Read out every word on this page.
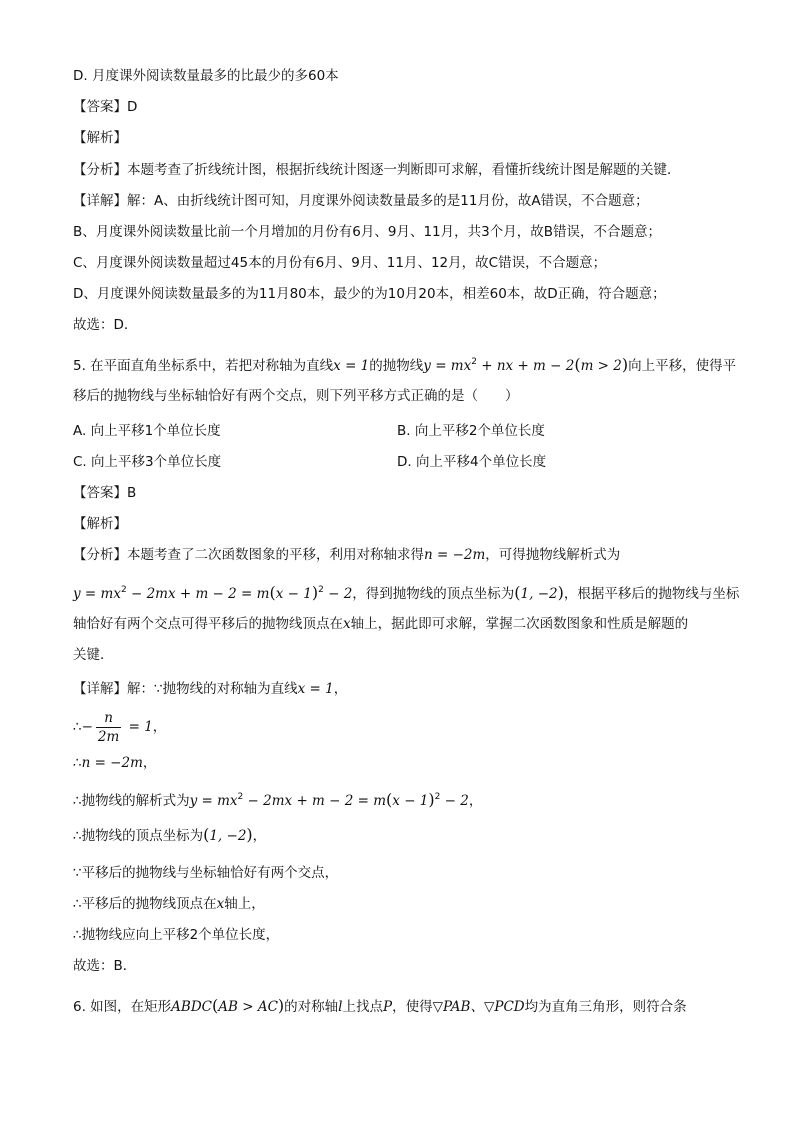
D. 月度课外阅读数量最多的比最少的多60本
【答案】D
【解析】
【分析】本题考查了折线统计图，根据折线统计图逐一判断即可求解，看懂折线统计图是解题的关键．
【详解】解：A、由折线统计图可知，月度课外阅读数量最多的是11月份，故A错误，不合题意；
B、月度课外阅读数量比前一个月增加的月份有6月、9月、11月，共3个月，故B错误，不合题意；
C、月度课外阅读数量超过45本的月份有6月、9月、11月、12月，故C错误，不合题意；
D、月度课外阅读数量最多的为11月80本，最少的为10月20本，相差60本，故D正确，符合题意；
故选：D．
5. 在平面直角坐标系中，若把对称轴为直线x = 1的抛物线$y = mx^2$ + nx + m − 2(m > 2)向上平移，使得平
移后的抛物线与坐标轴恰好有两个交点，则下列平移方式正确的是（　　）
A. 向上平移1个单位长度	B. 向上平移2个单位长度
C. 向上平移3个单位长度	D. 向上平移4个单位长度
【答案】B
【解析】
【分析】本题考查了二次函数图象的平移，利用对称轴求得n = −2m，可得抛物线解析式为
$y = mx^2 - 2mx + m - 2 = m(x - 1)^2 - 2$，得到抛物线的顶点坐标为(1, −2)，根据平移后的抛物线与坐标
轴恰好有两个交点可得平移后的抛物线顶点在x轴上，据此即可求解，掌握二次函数图象和性质是解题的
关键．
【详解】解：∵抛物线的对称轴为直线x = 1，
∴− $\frac{n}{2m} = 1$，
∴n = −2m，
∴抛物线的解析式为$y = mx^2 - 2mx + m - 2 = m(x - 1)^2 - 2$，
∴抛物线的顶点坐标为(1, −2)，
∵平移后的抛物线与坐标轴恰好有两个交点，
∴平移后的抛物线顶点在x轴上，
∴抛物线应向上平移2个单位长度，
故选：B．
6. 如图，在矩形ABDC(AB > AC)的对称轴l上找点P，使得▽PAB、▽PCD均为直角三角形，则符合条
